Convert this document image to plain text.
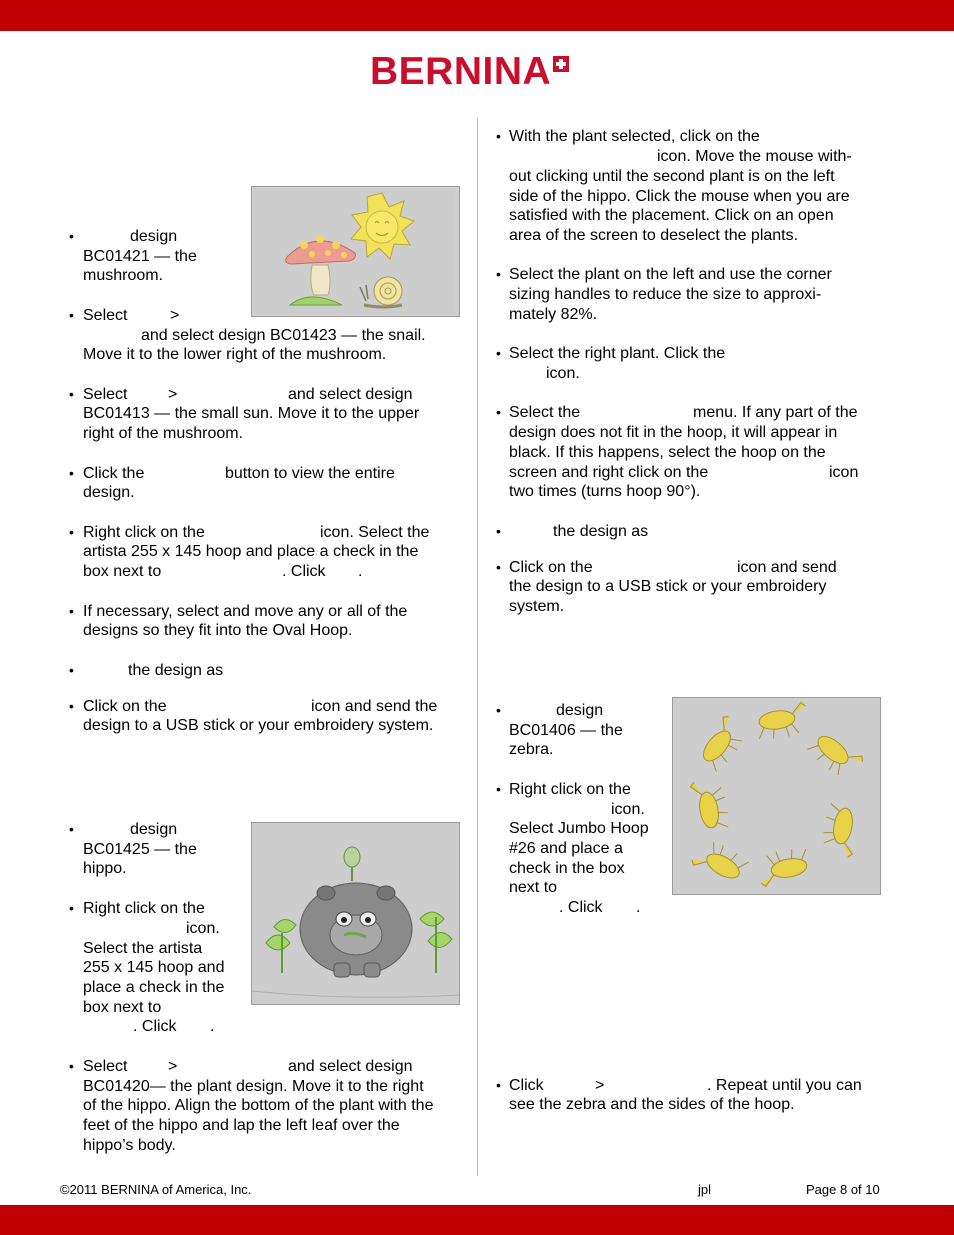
BERNINA
•	design
BC01421 — the
mushroom.
• Select	>
and select design BC01423 — the snail.
Move it to the lower right of the mushroom.
• Select	>	and select design
BC01413 — the small sun. Move it to the upper
right of the mushroom.
• Click the	button to view the entire
design.
• Right click on the	icon. Select the
artista 255 x 145 hoop and place a check in the
box next to	. Click .
• If necessary, select and move any or all of the
designs so they fit into the Oval Hoop.
•	the design as
• Click on the	icon and send the
design to a USB stick or your embroidery system.
•	design
BC01425 — the
hippo.
• Right click on the
icon.
Select the artista
255 x 145 hoop and
place a check in the
box next to
. Click .
• Select	>	and select design
BC01420— the plant design. Move it to the right
of the hippo. Align the bottom of the plant with the
feet of the hippo and lap the left leaf over the
hippo’s body.
• With the plant selected, click on the
icon. Move the mouse with-
out clicking until the second plant is on the left
side of the hippo. Click the mouse when you are
satisfied with the placement. Click on an open
area of the screen to deselect the plants.
• Select the plant on the left and use the corner
sizing handles to reduce the size to approxi-
mately 82%.
• Select the right plant. Click the
icon.
• Select the	menu. If any part of the
design does not fit in the hoop, it will appear in
black. If this happens, select the hoop on the
screen and right click on the	icon
two times (turns hoop 90°).
•	the design as
• Click on the	icon and send
the design to a USB stick or your embroidery
system.
•	design
BC01406 — the
zebra.
• Right click on the
icon.
Select Jumbo Hoop
#26 and place a
check in the box
next to
. Click .
• Click	>	. Repeat until you can
see the zebra and the sides of the hoop.
©2011 BERNINA of America, Inc.	jpl	Page 8 of 10
